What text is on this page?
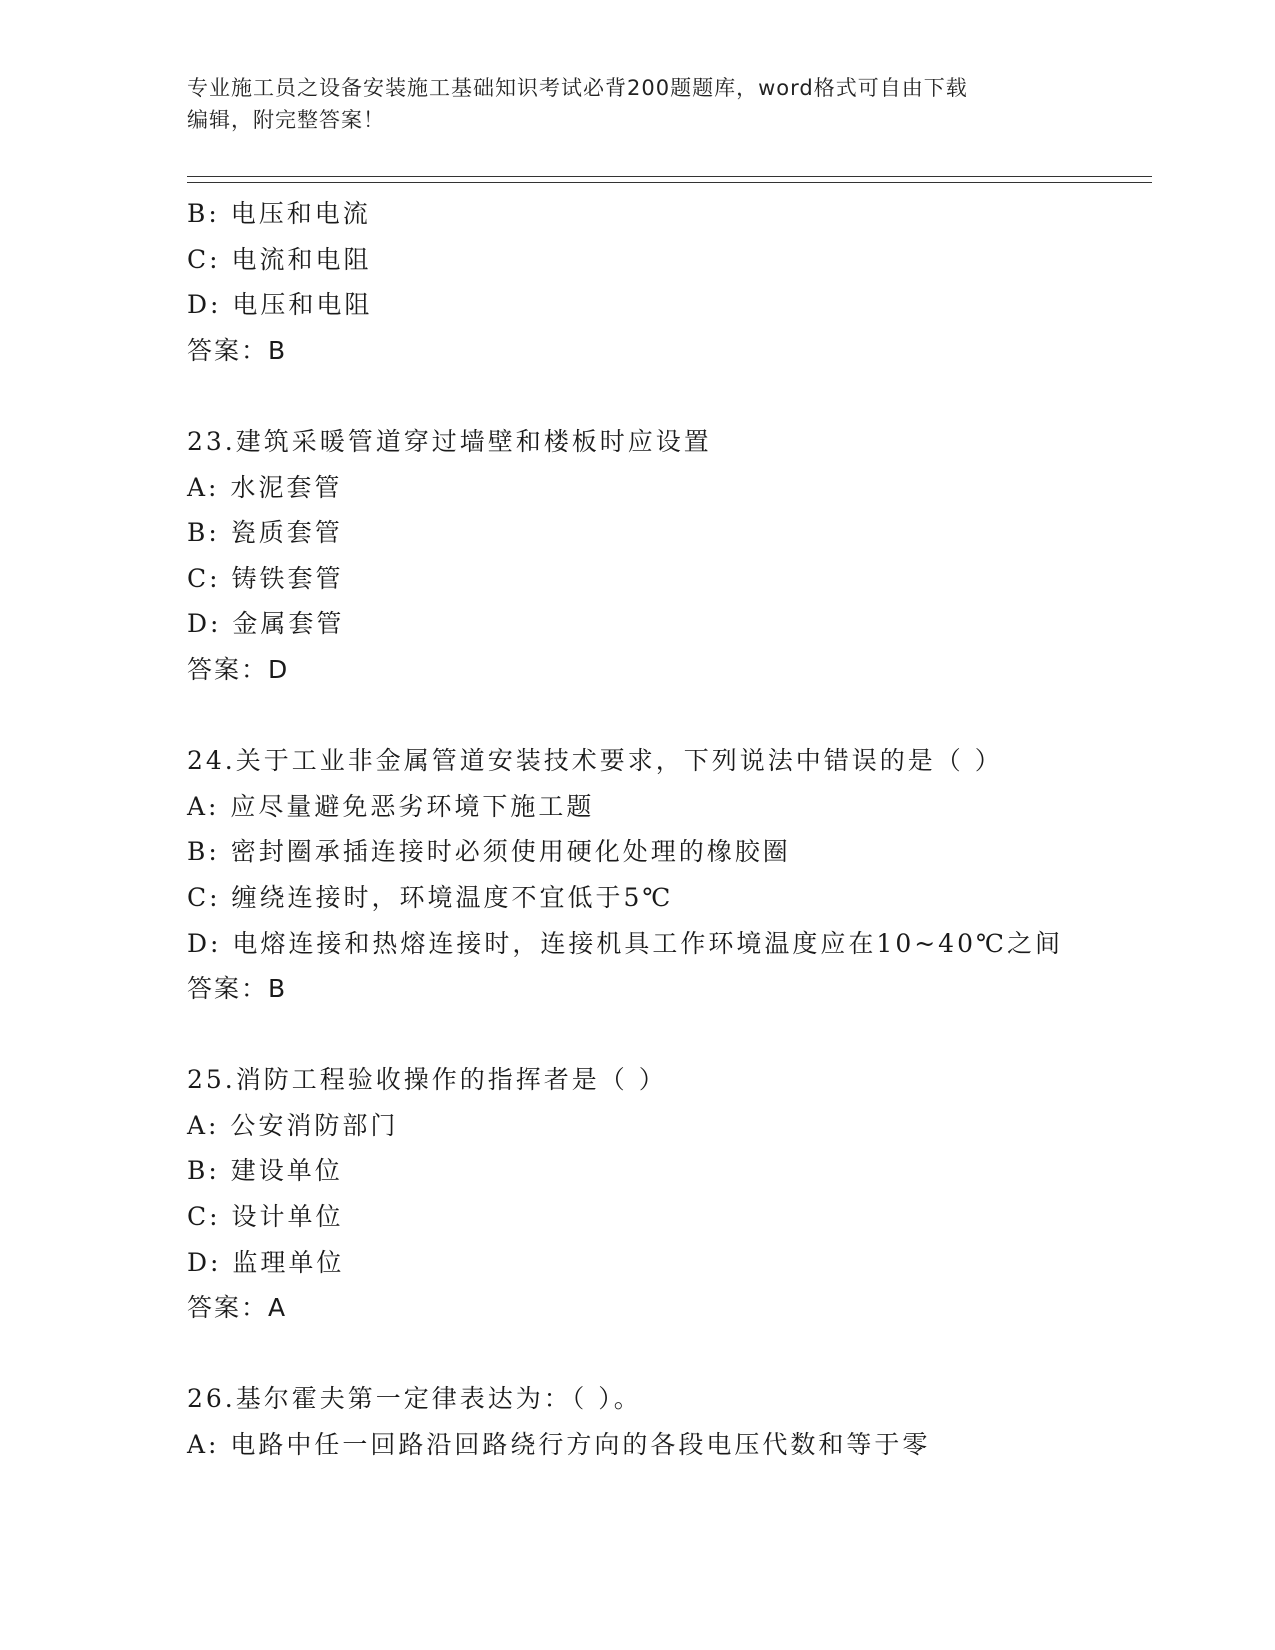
专业施工员之设备安装施工基础知识考试必背200题题库，word格式可自由下载
编辑，附完整答案！
B: 电压和电流
C: 电流和电阻
D: 电压和电阻
答案：B
23.建筑采暖管道穿过墙壁和楼板时应设置
A: 水泥套管
B: 瓷质套管
C: 铸铁套管
D: 金属套管
答案：D
24.关于工业非金属管道安装技术要求，下列说法中错误的是（ ）
A: 应尽量避免恶劣环境下施工题
B: 密封圈承插连接时必须使用硬化处理的橡胶圈
C: 缠绕连接时，环境温度不宜低于5℃
D: 电熔连接和热熔连接时，连接机具工作环境温度应在10~40℃之间
答案：B
25.消防工程验收操作的指挥者是（ ）
A: 公安消防部门
B: 建设单位
C: 设计单位
D: 监理单位
答案：A
26.基尔霍夫第一定律表达为：（ ）。
A: 电路中任一回路沿回路绕行方向的各段电压代数和等于零
